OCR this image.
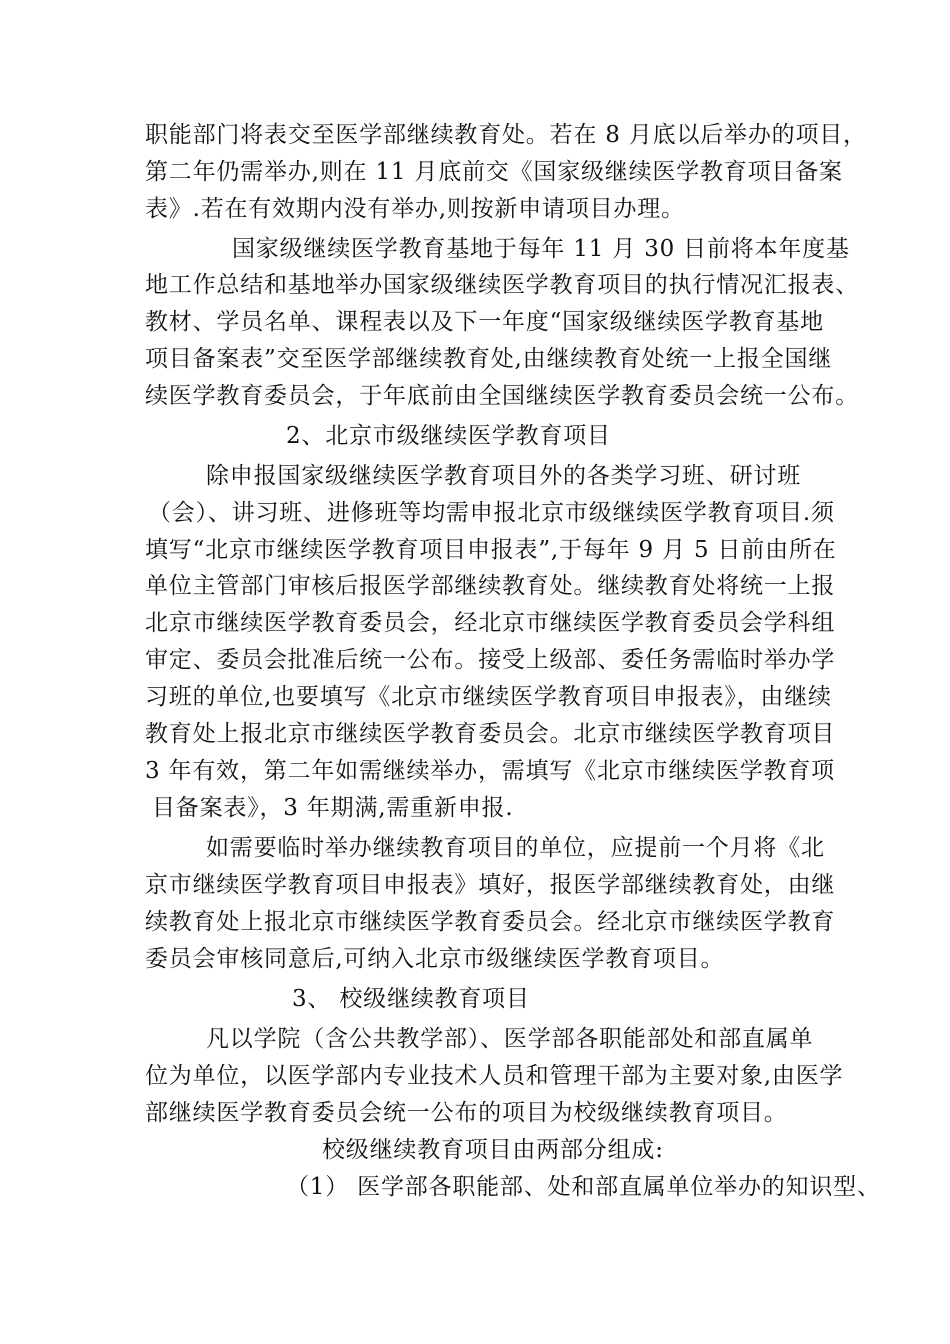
职能部门将表交至医学部继续教育处。若在 8 月底以后举办的项目，
第二年仍需举办,则在 11 月底前交《国家级继续医学教育项目备案
表》.若在有效期内没有举办,则按新申请项目办理。
国家级继续医学教育基地于每年 11 月 30 日前将本年度基
地工作总结和基地举办国家级继续医学教育项目的执行情况汇报表、
教材、学员名单、课程表以及下一年度“国家级继续医学教育基地
项目备案表”交至医学部继续教育处,由继续教育处统一上报全国继
续医学教育委员会，于年底前由全国继续医学教育委员会统一公布。
2、北京市级继续医学教育项目
除申报国家级继续医学教育项目外的各类学习班、研讨班
（会）、讲习班、进修班等均需申报北京市级继续医学教育项目.须
填写“北京市继续医学教育项目申报表”,于每年 9 月 5 日前由所在
单位主管部门审核后报医学部继续教育处。继续教育处将统一上报
北京市继续医学教育委员会，经北京市继续医学教育委员会学科组
审定、委员会批准后统一公布。接受上级部、委任务需临时举办学
习班的单位,也要填写《北京市继续医学教育项目申报表》，由继续
教育处上报北京市继续医学教育委员会。北京市继续医学教育项目
3 年有效，第二年如需继续举办，需填写《北京市继续医学教育项
目备案表》，3 年期满,需重新申报.
如需要临时举办继续教育项目的单位，应提前一个月将《北
京市继续医学教育项目申报表》填好，报医学部继续教育处，由继
续教育处上报北京市继续医学教育委员会。经北京市继续医学教育
委员会审核同意后,可纳入北京市级继续医学教育项目。
3、 校级继续教育项目
凡以学院（含公共教学部）、医学部各职能部处和部直属单
位为单位，以医学部内专业技术人员和管理干部为主要对象,由医学
部继续医学教育委员会统一公布的项目为校级继续教育项目。
校级继续教育项目由两部分组成:
（1） 医学部各职能部、处和部直属单位举办的知识型、
